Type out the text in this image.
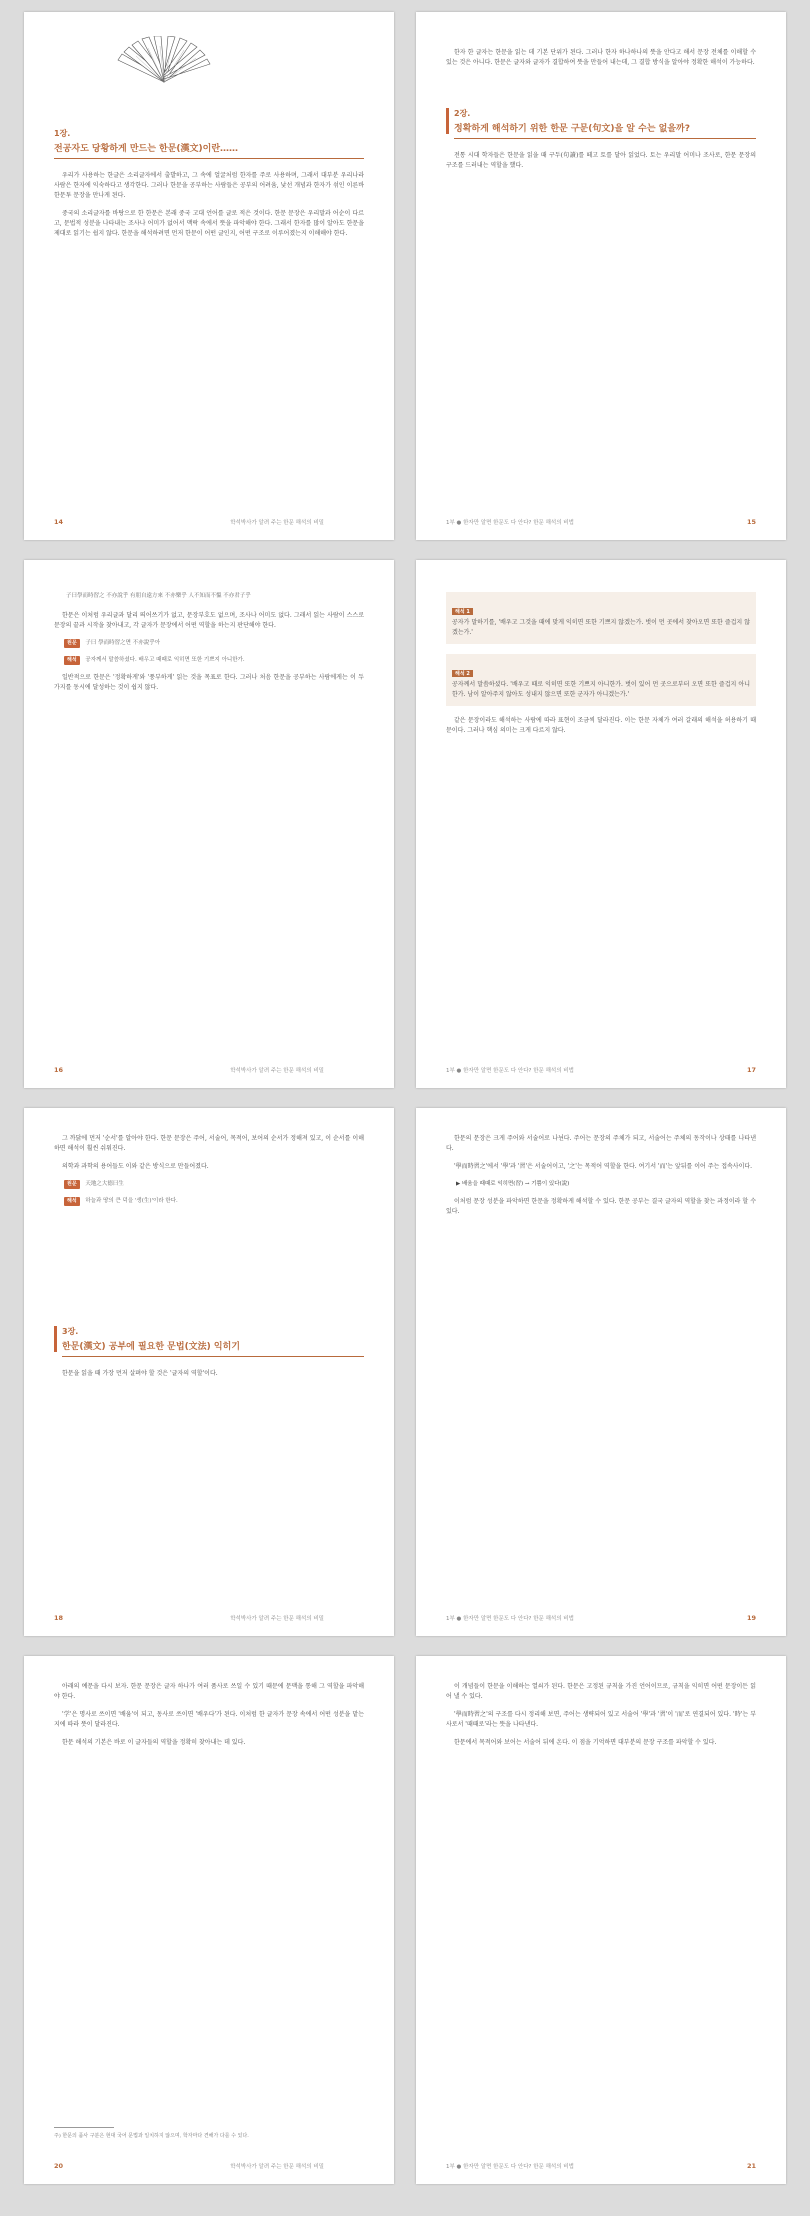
1장.
전공자도 당황하게 만드는 한문(漢文)이란……

우리가 사용하는 한글은 소리글자에서 출발하고, 그 속에 얼굴처럼 한자를 주로 사용하며, 그래서 대부분 우리나라 사람은 한자에 익숙하다고 생각한다. 그러나 한문을 공부하는 사람들은 공부의 어려움, 낯선 개념과 한자가 섞인 이른바 한문투 문장을 만나게 된다.

중국의 소리글자를 바탕으로 한 한문은 본래 중국 고대 언어를 글로 적은 것이다. 한문 문장은 우리말과 어순이 다르고, 문법적 성분을 나타내는 조사나 어미가 없어서 맥락 속에서 뜻을 파악해야 한다. 그래서 한자를 많이 알아도 한문을 제대로 읽기는 쉽지 않다. 한문을 해석하려면 먼저 한문이 어떤 글인지, 어떤 구조로 이루어졌는지 이해해야 한다.

14	학석박사가 알려 주는 한문 해석의 비밀

한자 한 글자는 한문을 읽는 데 기본 단위가 된다. 그러나 한자 하나하나의 뜻을 안다고 해서 문장 전체를 이해할 수 있는 것은 아니다. 한문은 글자와 글자가 결합하여 뜻을 만들어 내는데, 그 결합 방식을 알아야 정확한 해석이 가능하다.

2장.
정확하게 해석하기 위한 한문 구문(句文)을 알 수는 없을까?

전통 시대 학자들은 한문을 읽을 때 구두(句讀)를 떼고 토를 달아 읽었다. 토는 우리말 어미나 조사로, 한문 문장의 구조를 드러내는 역할을 했다.

1부 ● 한자만 알면 한문도 다 안다? 한문 해석의 비법	15
子曰學而時習之 不亦說乎 有朋自遠方來 不亦樂乎 人不知而不慍 不亦君子乎

한문은 이처럼 우리글과 달리 띄어쓰기가 없고, 문장부호도 없으며, 조사나 어미도 없다. 그래서 읽는 사람이 스스로 문장의 끝과 시작을 찾아내고, 각 글자가 문장에서 어떤 역할을 하는지 판단해야 한다.

원문 子曰 學而時習之면 不亦說乎아
해석 공자께서 말씀하셨다. 배우고 때때로 익히면 또한 기쁘지 아니한가.

일반적으로 한문은 '정확하게'와 '풍부하게' 읽는 것을 목표로 한다. 그러나 처음 한문을 공부하는 사람에게는 이 두 가지를 동시에 달성하는 것이 쉽지 않다.

16	학석박사가 알려 주는 한문 해석의 비밀
해석 1
공자가 말하기를, '배우고 그것을 때에 맞게 익히면 또한 기쁘지 않겠는가. 벗이 먼 곳에서 찾아오면 또한 즐겁지 않겠는가.'
해석 2
공자께서 말씀하셨다. '배우고 때로 익히면 또한 기쁘지 아니한가. 벗이 있어 먼 곳으로부터 오면 또한 즐겁지 아니한가. 남이 알아주지 않아도 성내지 않으면 또한 군자가 아니겠는가.'

같은 문장이라도 해석하는 사람에 따라 표현이 조금씩 달라진다. 이는 한문 자체가 여러 갈래의 해석을 허용하기 때문이다. 그러나 핵심 의미는 크게 다르지 않다.

1부 ● 한자만 알면 한문도 다 안다? 한문 해석의 비법	17

그 까닭에 먼저 '순서'를 알아야 한다. 한문 문장은 주어, 서술어, 목적어, 보어의 순서가 정해져 있고, 이 순서를 이해하면 해석이 훨씬 쉬워진다.

의학과 과학의 용어들도 이와 같은 방식으로 만들어졌다.

원문 天地之大德曰生
해석 하늘과 땅의 큰 덕을 '생(生)'이라 한다.
3장.
한문(漢文) 공부에 필요한 문법(文法) 익히기

한문을 읽을 때 가장 먼저 살펴야 할 것은 '글자의 역할'이다.

18	학석박사가 알려 주는 한문 해석의 비밀

한문의 문장은 크게 주어와 서술어로 나뉜다. 주어는 문장의 주체가 되고, 서술어는 주체의 동작이나 상태를 나타낸다.

'學而時習之'에서 '學'과 '習'은 서술어이고, '之'는 목적어 역할을 한다. 여기서 '而'는 앞뒤를 이어 주는 접속사이다.

▶ 배움을 때때로 익히면(習) → 기쁨이 있다(說)

이처럼 문장 성분을 파악하면 한문을 정확하게 해석할 수 있다. 한문 공부는 결국 글자의 역할을 찾는 과정이라 할 수 있다.

1부 ● 한자만 알면 한문도 다 안다? 한문 해석의 비법	19

아래의 예문을 다시 보자. 한문 문장은 글자 하나가 여러 품사로 쓰일 수 있기 때문에 문맥을 통해 그 역할을 파악해야 한다.

'学'은 명사로 쓰이면 '배움'이 되고, 동사로 쓰이면 '배우다'가 된다. 이처럼 한 글자가 문장 속에서 어떤 성분을 맡는지에 따라 뜻이 달라진다.

한문 해석의 기본은 바로 이 글자들의 역할을 정확히 찾아내는 데 있다.

주) 한문의 품사 구분은 현대 국어 문법과 일치하지 않으며, 학자마다 견해가 다를 수 있다.
20	학석박사가 알려 주는 한문 해석의 비밀

이 개념들이 한문을 이해하는 열쇠가 된다. 한문은 고정된 규칙을 가진 언어이므로, 규칙을 익히면 어떤 문장이든 읽어 낼 수 있다.

'學而時習之'의 구조를 다시 정리해 보면, 주어는 생략되어 있고 서술어 '學'과 '習'이 '而'로 연결되어 있다. '時'는 부사로서 '때때로'라는 뜻을 나타낸다.

한문에서 목적어와 보어는 서술어 뒤에 온다. 이 점을 기억하면 대부분의 문장 구조를 파악할 수 있다.

1부 ● 한자만 알면 한문도 다 안다? 한문 해석의 비법	21
